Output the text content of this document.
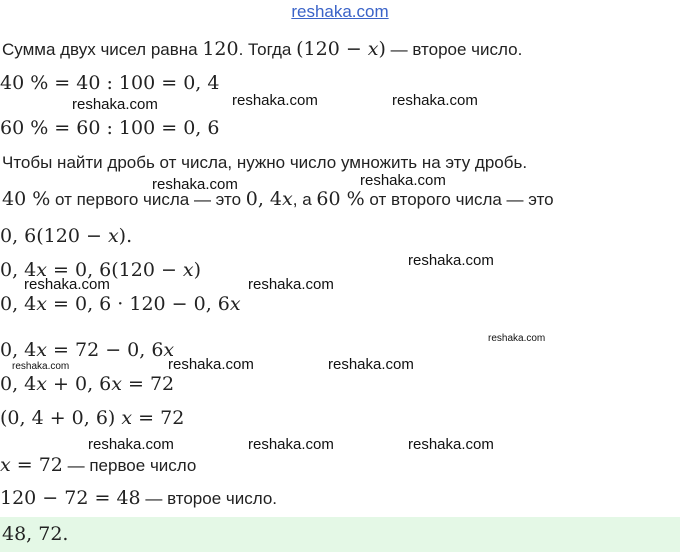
reshaka.com
Сумма двух чисел равна 120. Тогда (120 − x) — второе число.
40 % = 40 : 100 = 0, 4
reshaka.com	reshaka.com	reshaka.com
60 % = 60 : 100 = 0, 6
Чтобы найти дробь от числа, нужно число умножить на эту дробь.
reshaka.com	reshaka.com
40 % от первого числа — это 0, 4x, а 60 % от второго числа — это
0, 6(120 − x).
reshaka.com
0, 4x = 0, 6(120 − x)
reshaka.com	reshaka.com
0, 4x = 0, 6 · 120 − 0, 6x
reshaka.com
0, 4x = 72 − 0, 6x
reshaka.com	reshaka.com	reshaka.com
0, 4x + 0, 6x = 72
(0, 4 + 0, 6) x = 72
reshaka.com	reshaka.com	reshaka.com
x = 72 — первое число
120 − 72 = 48 — второе число.
48, 72.
